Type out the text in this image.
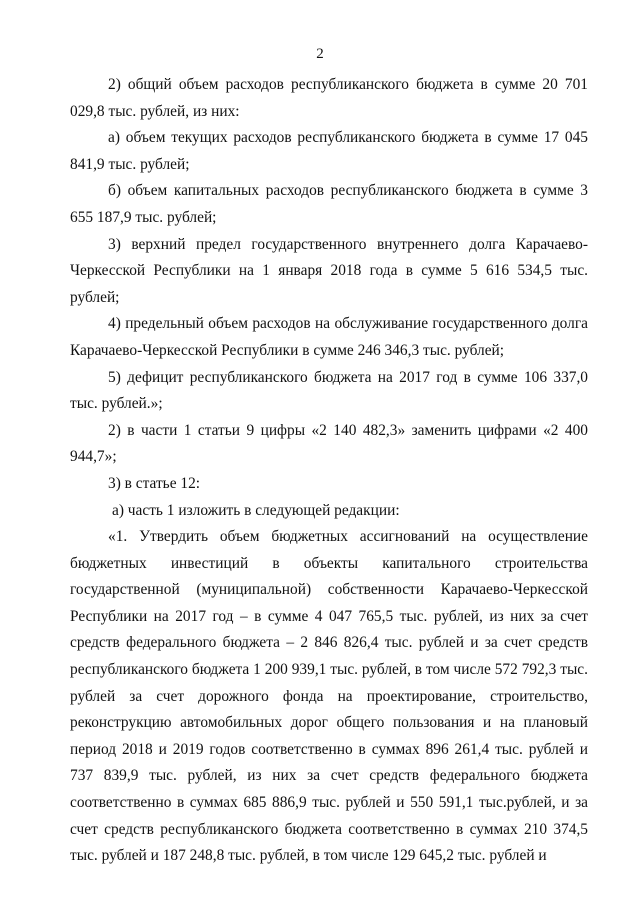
2

2) общий объем расходов республиканского бюджета в сумме 20 701 029,8 тыс. рублей, из них:

а) объем текущих расходов республиканского бюджета в сумме 17 045 841,9 тыс. рублей;

б) объем капитальных расходов республиканского бюджета в сумме 3 655 187,9 тыс. рублей;

3) верхний предел государственного внутреннего долга Карачаево-Черкесской Республики на 1 января 2018 года в сумме 5 616 534,5 тыс. рублей;

4) предельный объем расходов на обслуживание государственного долга Карачаево-Черкесской Республики в сумме 246 346,3 тыс. рублей;

5) дефицит республиканского бюджета на 2017 год в сумме 106 337,0 тыс. рублей.»;

2) в части 1 статьи 9 цифры «2 140 482,3» заменить цифрами «2 400 944,7»;

3) в статье 12:

а) часть 1 изложить в следующей редакции:

«1. Утвердить объем бюджетных ассигнований на осуществление бюджетных инвестиций в объекты капитального строительства государственной (муниципальной) собственности Карачаево-Черкесской Республики на 2017 год – в сумме 4 047 765,5 тыс. рублей, из них за счет средств федерального бюджета – 2 846 826,4 тыс. рублей и за счет средств республиканского бюджета 1 200 939,1 тыс. рублей, в том числе 572 792,3 тыс. рублей за счет дорожного фонда на проектирование, строительство, реконструкцию автомобильных дорог общего пользования и на плановый период 2018 и 2019 годов соответственно в суммах 896 261,4 тыс. рублей и 737 839,9 тыс. рублей, из них за счет средств федерального бюджета соответственно в суммах 685 886,9 тыс. рублей и 550 591,1 тыс.рублей, и за счет средств республиканского бюджета соответственно в суммах 210 374,5 тыс. рублей и 187 248,8 тыс. рублей, в том числе 129 645,2 тыс. рублей и
